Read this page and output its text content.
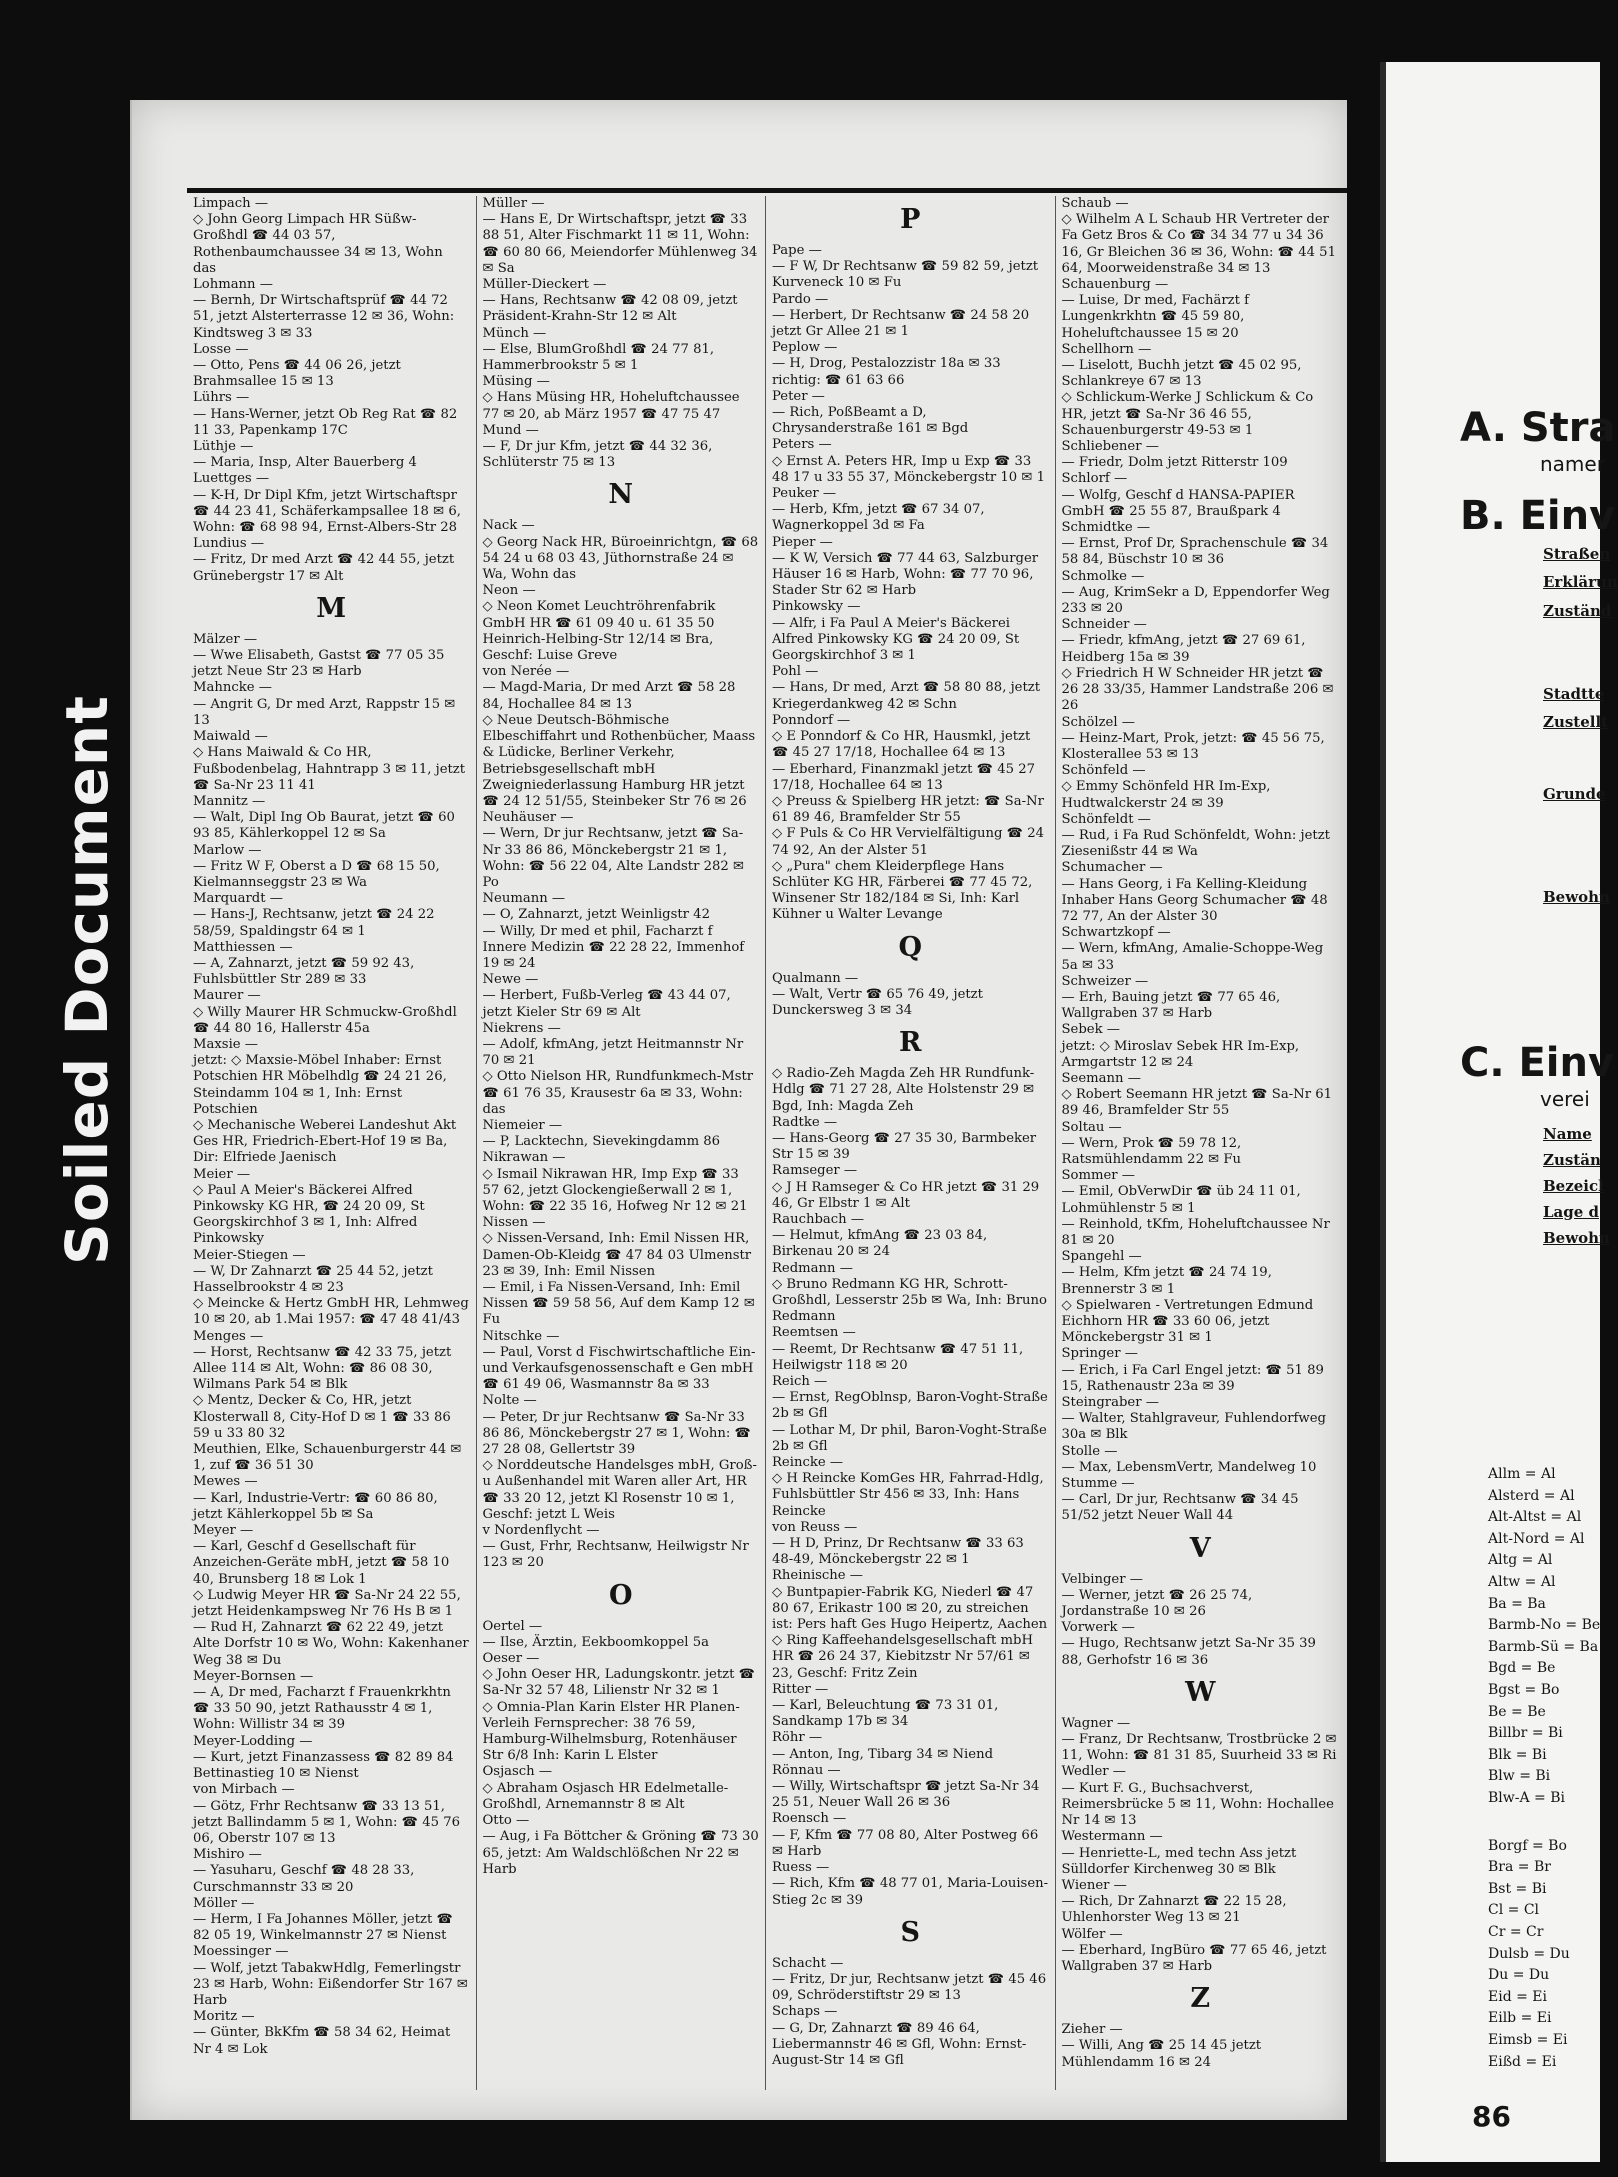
Soiled Document

Limpach —

◇ John Georg Limpach HR Süßw-Großhdl ☎ 44 03 57, Rothenbaumchaussee 34 ✉ 13, Wohn das

Lohmann —

— Bernh, Dr Wirtschaftsprüf ☎ 44 72 51, jetzt Alsterterrasse 12 ✉ 36, Wohn: Kindtsweg 3 ✉ 33

Losse —

— Otto, Pens ☎ 44 06 26, jetzt Brahmsallee 15 ✉ 13

Lührs —

— Hans-Werner, jetzt Ob Reg Rat ☎ 82 11 33, Papenkamp 17C

Lüthje —

— Maria, Insp, Alter Bauerberg 4

Luettges —

— K-H, Dr Dipl Kfm, jetzt Wirtschaftspr ☎ 44 23 41, Schäferkampsallee 18 ✉ 6, Wohn: ☎ 68 98 94, Ernst-Albers-Str 28

Lundius —

— Fritz, Dr med Arzt ☎ 42 44 55, jetzt Grünebergstr 17 ✉ Alt

M

Mälzer —

— Wwe Elisabeth, Gastst ☎ 77 05 35 jetzt Neue Str 23 ✉ Harb

Mahncke —

— Angrit G, Dr med Arzt, Rappstr 15 ✉ 13

Maiwald —

◇ Hans Maiwald & Co HR, Fußbodenbelag, Hahntrapp 3 ✉ 11, jetzt ☎ Sa-Nr 23 11 41

Mannitz —

— Walt, Dipl Ing Ob Baurat, jetzt ☎ 60 93 85, Kählerkoppel 12 ✉ Sa

Marlow —

— Fritz W F, Oberst a D ☎ 68 15 50, Kielmannseggstr 23 ✉ Wa

Marquardt —

— Hans-J, Rechtsanw, jetzt ☎ 24 22 58/59, Spaldingstr 64 ✉ 1

Matthiessen —

— A, Zahnarzt, jetzt ☎ 59 92 43, Fuhlsbüttler Str 289 ✉ 33

Maurer —

◇ Willy Maurer HR Schmuckw-Großhdl ☎ 44 80 16, Hallerstr 45a

Maxsie —

jetzt: ◇ Maxsie-Möbel Inhaber: Ernst Potschien HR Möbelhdlg ☎ 24 21 26, Steindamm 104 ✉ 1, Inh: Ernst Potschien

◇ Mechanische Weberei Landeshut Akt Ges HR, Friedrich-Ebert-Hof 19 ✉ Ba, Dir: Elfriede Jaenisch

Meier —

◇ Paul A Meier's Bäckerei Alfred Pinkowsky KG HR, ☎ 24 20 09, St Georgskirchhof 3 ✉ 1, Inh: Alfred Pinkowsky

Meier-Stiegen —

— W, Dr Zahnarzt ☎ 25 44 52, jetzt Hasselbrookstr 4 ✉ 23

◇ Meincke & Hertz GmbH HR, Lehmweg 10 ✉ 20, ab 1.Mai 1957: ☎ 47 48 41/43

Menges —

— Horst, Rechtsanw ☎ 42 33 75, jetzt Allee 114 ✉ Alt, Wohn: ☎ 86 08 30, Wilmans Park 54 ✉ Blk

◇ Mentz, Decker & Co, HR, jetzt Klosterwall 8, City-Hof D ✉ 1 ☎ 33 86 59 u 33 80 32

Meuthien, Elke, Schauenburgerstr 44 ✉ 1, zuf ☎ 36 51 30

Mewes —

— Karl, Industrie-Vertr: ☎ 60 86 80, jetzt Kählerkoppel 5b ✉ Sa

Meyer —

— Karl, Geschf d Gesellschaft für Anzeichen-Geräte mbH, jetzt ☎ 58 10 40, Brunsberg 18 ✉ Lok 1

◇ Ludwig Meyer HR ☎ Sa-Nr 24 22 55, jetzt Heidenkampsweg Nr 76 Hs B ✉ 1

— Rud H, Zahnarzt ☎ 62 22 49, jetzt Alte Dorfstr 10 ✉ Wo, Wohn: Kakenhaner Weg 38 ✉ Du

Meyer-Bornsen —

— A, Dr med, Facharzt f Frauenkrkhtn ☎ 33 50 90, jetzt Rathausstr 4 ✉ 1, Wohn: Willistr 34 ✉ 39

Meyer-Lodding —

— Kurt, jetzt Finanzassess ☎ 82 89 84 Bettinastieg 10 ✉ Nienst

von Mirbach —

— Götz, Frhr Rechtsanw ☎ 33 13 51, jetzt Ballindamm 5 ✉ 1, Wohn: ☎ 45 76 06, Oberstr 107 ✉ 13

Mishiro —

— Yasuharu, Geschf ☎ 48 28 33, Curschmannstr 33 ✉ 20

Möller —

— Herm, I Fa Johannes Möller, jetzt ☎ 82 05 19, Winkelmannstr 27 ✉ Nienst

Moessinger —

— Wolf, jetzt TabakwHdlg, Femerlingstr 23 ✉ Harb, Wohn: Eißendorfer Str 167 ✉ Harb

Moritz —

— Günter, BkKfm ☎ 58 34 62, Heimat Nr 4 ✉ Lok

Müller —

— Hans E, Dr Wirtschaftspr, jetzt ☎ 33 88 51, Alter Fischmarkt 11 ✉ 11, Wohn: ☎ 60 80 66, Meiendorfer Mühlenweg 34 ✉ Sa

Müller-Dieckert —

— Hans, Rechtsanw ☎ 42 08 09, jetzt Präsident-Krahn-Str 12 ✉ Alt

Münch —

— Else, BlumGroßhdl ☎ 24 77 81, Hammerbrookstr 5 ✉ 1

Müsing —

◇ Hans Müsing HR, Hoheluftchaussee 77 ✉ 20, ab März 1957 ☎ 47 75 47

Mund —

— F, Dr jur Kfm, jetzt ☎ 44 32 36, Schlüterstr 75 ✉ 13

N

Nack —

◇ Georg Nack HR, Büroeinrichtgn, ☎ 68 54 24 u 68 03 43, Jüthornstraße 24 ✉ Wa, Wohn das

Neon —

◇ Neon Komet Leuchtröhrenfabrik GmbH HR ☎ 61 09 40 u. 61 35 50 Heinrich-Helbing-Str 12/14 ✉ Bra, Geschf: Luise Greve

von Nerée —

— Magd-Maria, Dr med Arzt ☎ 58 28 84, Hochallee 84 ✉ 13

◇ Neue Deutsch-Böhmische Elbeschiffahrt und Rothenbücher, Maass & Lüdicke, Berliner Verkehr, Betriebsgesellschaft mbH Zweigniederlassung Hamburg HR jetzt ☎ 24 12 51/55, Steinbeker Str 76 ✉ 26

Neuhäuser —

— Wern, Dr jur Rechtsanw, jetzt ☎ Sa-Nr 33 86 86, Mönckebergstr 21 ✉ 1, Wohn: ☎ 56 22 04, Alte Landstr 282 ✉ Po

Neumann —

— O, Zahnarzt, jetzt Weinligstr 42

— Willy, Dr med et phil, Facharzt f Innere Medizin ☎ 22 28 22, Immenhof 19 ✉ 24

Newe —

— Herbert, Fußb-Verleg ☎ 43 44 07, jetzt Kieler Str 69 ✉ Alt

Niekrens —

— Adolf, kfmAng, jetzt Heitmannstr Nr 70 ✉ 21

◇ Otto Nielson HR, Rundfunkmech-Mstr ☎ 61 76 35, Krausestr 6a ✉ 33, Wohn: das

Niemeier —

— P, Lacktechn, Sievekingdamm 86

Nikrawan —

◇ Ismail Nikrawan HR, Imp Exp ☎ 33 57 62, jetzt Glockengießerwall 2 ✉ 1, Wohn: ☎ 22 35 16, Hofweg Nr 12 ✉ 21

Nissen —

◇ Nissen-Versand, Inh: Emil Nissen HR, Damen-Ob-Kleidg ☎ 47 84 03 Ulmenstr 23 ✉ 39, Inh: Emil Nissen

— Emil, i Fa Nissen-Versand, Inh: Emil Nissen ☎ 59 58 56, Auf dem Kamp 12 ✉ Fu

Nitschke —

— Paul, Vorst d Fischwirtschaftliche Ein- und Verkaufsgenossenschaft e Gen mbH ☎ 61 49 06, Wasmannstr 8a ✉ 33

Nolte —

— Peter, Dr jur Rechtsanw ☎ Sa-Nr 33 86 86, Mönckebergstr 27 ✉ 1, Wohn: ☎ 27 28 08, Gellertstr 39

◇ Norddeutsche Handelsges mbH, Groß- u Außenhandel mit Waren aller Art, HR ☎ 33 20 12, jetzt Kl Rosenstr 10 ✉ 1, Geschf: jetzt L Weis

v Nordenflycht —

— Gust, Frhr, Rechtsanw, Heilwigstr Nr 123 ✉ 20

O

Oertel —

— Ilse, Ärztin, Eekboomkoppel 5a

Oeser —

◇ John Oeser HR, Ladungskontr. jetzt ☎ Sa-Nr 32 57 48, Lilienstr Nr 32 ✉ 1

◇ Omnia-Plan Karin Elster HR Planen-Verleih Fernsprecher: 38 76 59, Hamburg-Wilhelmsburg, Rotenhäuser Str 6/8 Inh: Karin L Elster

Osjasch —

◇ Abraham Osjasch HR Edelmetalle-Großhdl, Arnemannstr 8 ✉ Alt

Otto —

— Aug, i Fa Böttcher & Gröning ☎ 73 30 65, jetzt: Am Waldschlößchen Nr 22 ✉ Harb

P

Pape —

— F W, Dr Rechtsanw ☎ 59 82 59, jetzt Kurveneck 10 ✉ Fu

Pardo —

— Herbert, Dr Rechtsanw ☎ 24 58 20 jetzt Gr Allee 21 ✉ 1

Peplow —

— H, Drog, Pestalozzistr 18a ✉ 33 richtig: ☎ 61 63 66

Peter —

— Rich, PoßBeamt a D, Chrysanderstraße 161 ✉ Bgd

Peters —

◇ Ernst A. Peters HR, Imp u Exp ☎ 33 48 17 u 33 55 37, Mönckebergstr 10 ✉ 1

Peuker —

— Herb, Kfm, jetzt ☎ 67 34 07, Wagnerkoppel 3d ✉ Fa

Pieper —

— K W, Versich ☎ 77 44 63, Salzburger Häuser 16 ✉ Harb, Wohn: ☎ 77 70 96, Stader Str 62 ✉ Harb

Pinkowsky —

— Alfr, i Fa Paul A Meier's Bäckerei Alfred Pinkowsky KG ☎ 24 20 09, St Georgskirchhof 3 ✉ 1

Pohl —

— Hans, Dr med, Arzt ☎ 58 80 88, jetzt Kriegerdankweg 42 ✉ Schn

Ponndorf —

◇ E Ponndorf & Co HR, Hausmkl, jetzt ☎ 45 27 17/18, Hochallee 64 ✉ 13

— Eberhard, Finanzmakl jetzt ☎ 45 27 17/18, Hochallee 64 ✉ 13

◇ Preuss & Spielberg HR jetzt: ☎ Sa-Nr 61 89 46, Bramfelder Str 55

◇ F Puls & Co HR Vervielfältigung ☎ 24 74 92, An der Alster 51

◇ „Pura" chem Kleiderpflege Hans Schlüter KG HR, Färberei ☎ 77 45 72, Winsener Str 182/184 ✉ Si, Inh: Karl Kühner u Walter Levange

Q

Qualmann —

— Walt, Vertr ☎ 65 76 49, jetzt Dunckersweg 3 ✉ 34

R

◇ Radio-Zeh Magda Zeh HR Rundfunk-Hdlg ☎ 71 27 28, Alte Holstenstr 29 ✉ Bgd, Inh: Magda Zeh

Radtke —

— Hans-Georg ☎ 27 35 30, Barmbeker Str 15 ✉ 39

Ramseger —

◇ J H Ramseger & Co HR jetzt ☎ 31 29 46, Gr Elbstr 1 ✉ Alt

Rauchbach —

— Helmut, kfmAng ☎ 23 03 84, Birkenau 20 ✉ 24

Redmann —

◇ Bruno Redmann KG HR, Schrott-Großhdl, Lesserstr 25b ✉ Wa, Inh: Bruno Redmann

Reemtsen —

— Reemt, Dr Rechtsanw ☎ 47 51 11, Heilwigstr 118 ✉ 20

Reich —

— Ernst, RegOblnsp, Baron-Voght-Straße 2b ✉ Gfl

— Lothar M, Dr phil, Baron-Voght-Straße 2b ✉ Gfl

Reincke —

◇ H Reincke KomGes HR, Fahrrad-Hdlg, Fuhlsbüttler Str 456 ✉ 33, Inh: Hans Reincke

von Reuss —

— H D, Prinz, Dr Rechtsanw ☎ 33 63 48-49, Mönckebergstr 22 ✉ 1

Rheinische —

◇ Buntpapier-Fabrik KG, Niederl ☎ 47 80 67, Erikastr 100 ✉ 20, zu streichen ist: Pers haft Ges Hugo Heipertz, Aachen

◇ Ring Kaffeehandelsgesellschaft mbH HR ☎ 26 24 37, Kiebitzstr Nr 57/61 ✉ 23, Geschf: Fritz Zein

Ritter —

— Karl, Beleuchtung ☎ 73 31 01, Sandkamp 17b ✉ 34

Röhr —

— Anton, Ing, Tibarg 34 ✉ Niend

Rönnau —

— Willy, Wirtschaftspr ☎ jetzt Sa-Nr 34 25 51, Neuer Wall 26 ✉ 36

Roensch —

— F, Kfm ☎ 77 08 80, Alter Postweg 66 ✉ Harb

Ruess —

— Rich, Kfm ☎ 48 77 01, Maria-Louisen-Stieg 2c ✉ 39

S

Schacht —

— Fritz, Dr jur, Rechtsanw jetzt ☎ 45 46 09, Schröderstiftstr 29 ✉ 13

Schaps —

— G, Dr, Zahnarzt ☎ 89 46 64, Liebermannstr 46 ✉ Gfl, Wohn: Ernst-August-Str 14 ✉ Gfl

Schaub —

◇ Wilhelm A L Schaub HR Vertreter der Fa Getz Bros & Co ☎ 34 34 77 u 34 36 16, Gr Bleichen 36 ✉ 36, Wohn: ☎ 44 51 64, Moorweidenstraße 34 ✉ 13

Schauenburg —

— Luise, Dr med, Fachärzt f Lungenkrkhtn ☎ 45 59 80, Hoheluftchaussee 15 ✉ 20

Schellhorn —

— Liselott, Buchh jetzt ☎ 45 02 95, Schlankreye 67 ✉ 13

◇ Schlickum-Werke J Schlickum & Co HR, jetzt ☎ Sa-Nr 36 46 55, Schauenburgerstr 49-53 ✉ 1

Schliebener —

— Friedr, Dolm jetzt Ritterstr 109

Schlorf —

— Wolfg, Geschf d HANSA-PAPIER GmbH ☎ 25 55 87, Braußpark 4

Schmidtke —

— Ernst, Prof Dr, Sprachenschule ☎ 34 58 84, Büschstr 10 ✉ 36

Schmolke —

— Aug, KrimSekr a D, Eppendorfer Weg 233 ✉ 20

Schneider —

— Friedr, kfmAng, jetzt ☎ 27 69 61, Heidberg 15a ✉ 39

◇ Friedrich H W Schneider HR jetzt ☎ 26 28 33/35, Hammer Landstraße 206 ✉ 26

Schölzel —

— Heinz-Mart, Prok, jetzt: ☎ 45 56 75, Klosterallee 53 ✉ 13

Schönfeld —

◇ Emmy Schönfeld HR Im-Exp, Hudtwalckerstr 24 ✉ 39

Schönfeldt —

— Rud, i Fa Rud Schönfeldt, Wohn: jetzt Ziesenißstr 44 ✉ Wa

Schumacher —

— Hans Georg, i Fa Kelling-Kleidung Inhaber Hans Georg Schumacher ☎ 48 72 77, An der Alster 30

Schwartzkopf —

— Wern, kfmAng, Amalie-Schoppe-Weg 5a ✉ 33

Schweizer —

— Erh, Bauing jetzt ☎ 77 65 46, Wallgraben 37 ✉ Harb

Sebek —

jetzt: ◇ Miroslav Sebek HR Im-Exp, Armgartstr 12 ✉ 24

Seemann —

◇ Robert Seemann HR jetzt ☎ Sa-Nr 61 89 46, Bramfelder Str 55

Soltau —

— Wern, Prok ☎ 59 78 12, Ratsmühlendamm 22 ✉ Fu

Sommer —

— Emil, ObVerwDir ☎ üb 24 11 01, Lohmühlenstr 5 ✉ 1

— Reinhold, tKfm, Hoheluftchaussee Nr 81 ✉ 20

Spangehl —

— Helm, Kfm jetzt ☎ 24 74 19, Brennerstr 3 ✉ 1

◇ Spielwaren - Vertretungen Edmund Eichhorn HR ☎ 33 60 06, jetzt Mönckebergstr 31 ✉ 1

Springer —

— Erich, i Fa Carl Engel jetzt: ☎ 51 89 15, Rathenaustr 23a ✉ 39

Steingraber —

— Walter, Stahlgraveur, Fuhlendorfweg 30a ✉ Blk

Stolle —

— Max, LebensmVertr, Mandelweg 10

Stumme —

— Carl, Dr jur, Rechtsanw ☎ 34 45 51/52 jetzt Neuer Wall 44

V

Velbinger —

— Werner, jetzt ☎ 26 25 74, Jordanstraße 10 ✉ 26

Vorwerk —

— Hugo, Rechtsanw jetzt Sa-Nr 35 39 88, Gerhofstr 16 ✉ 36

W

Wagner —

— Franz, Dr Rechtsanw, Trostbrücke 2 ✉ 11, Wohn: ☎ 81 31 85, Suurheid 33 ✉ Ri

Wedler —

— Kurt F. G., Buchsachverst, Reimersbrücke 5 ✉ 11, Wohn: Hochallee Nr 14 ✉ 13

Westermann —

— Henriette-L, med techn Ass jetzt Sülldorfer Kirchenweg 30 ✉ Blk

Wiener —

— Rich, Dr Zahnarzt ☎ 22 15 28, Uhlenhorster Weg 13 ✉ 21

Wölfer —

— Eberhard, IngBüro ☎ 77 65 46, jetzt Wallgraben 37 ✉ Harb

Z

Zieher —

— Willi, Ang ☎ 25 14 45 jetzt Mühlendamm 16 ✉ 24

A. Stra
B. Einv
C. Einv
namer
verei
Straßen
Erklärun
Zuständ
Stadtte
Zustellt
Grunde
Bewohn
Name
Zustän
Bezeicl
Lage d
Bewohn
Allm = Al
Alsterd = Al
Alt-Altst = Al
Alt-Nord = Al
Altg = Al
Altw = Al
Ba = Ba
Barmb-No = Be
Barmb-Sü = Ba
Bgd = Be
Bgst = Bo
Be = Be
Billbr = Bi
Blk = Bi
Blw = Bi
Blw-A = Bi
Borgf = Bo
Bra = Br
Bst = Bi
Cl = Cl
Cr = Cr
Dulsb = Du
Du = Du
Eid = Ei
Eilb = Ei
Eimsb = Ei
Eißd = Ei
86
